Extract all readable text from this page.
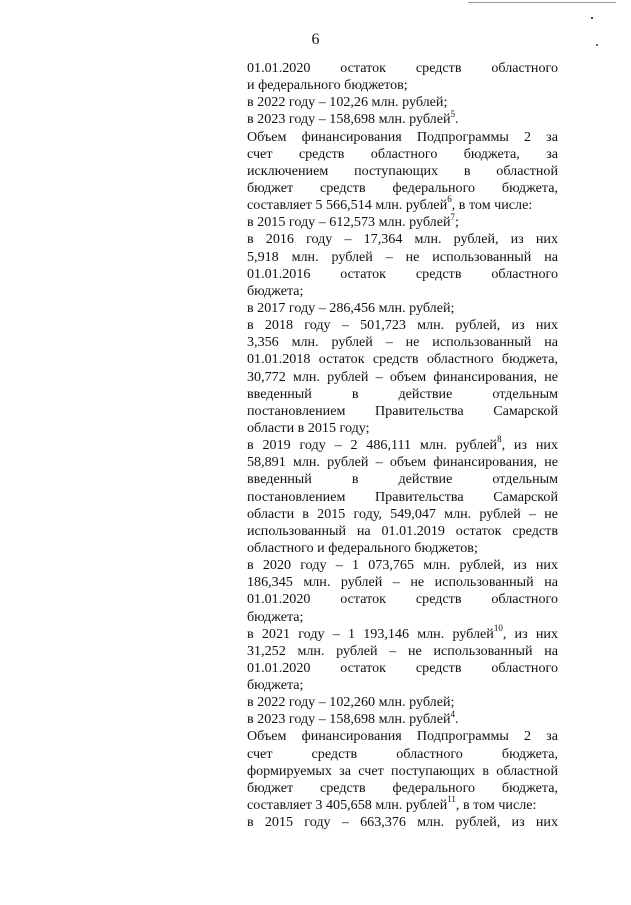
6
01.01.2020 остаток средств областного
и федерального бюджетов;
в 2022 году – 102,26 млн. рублей;
в 2023 году – 158,698 млн. рублей$^5$.
Объем финансирования Подпрограммы 2 за
счет средств областного бюджета, за
исключением поступающих в областной
бюджет средств федерального бюджета,
составляет 5 566,514 млн. рублей$^6$, в том числе:
в 2015 году – 612,573 млн. рублей$^7$;
в 2016 году – 17,364 млн. рублей, из них
5,918 млн. рублей – не использованный на
01.01.2016 остаток средств областного
бюджета;
в 2017 году – 286,456 млн. рублей;
в 2018 году – 501,723 млн. рублей, из них
3,356 млн. рублей – не использованный на
01.01.2018 остаток средств областного бюджета,
30,772 млн. рублей – объем финансирования, не
введенный в действие отдельным
постановлением Правительства Самарской
области в 2015 году;
в 2019 году – 2 486,111 млн. рублей$^8$, из них
58,891 млн. рублей – объем финансирования, не
введенный в действие отдельным
постановлением Правительства Самарской
области в 2015 году, 549,047 млн. рублей – не
использованный на 01.01.2019 остаток средств
областного и федерального бюджетов;
в 2020 году – 1 073,765 млн. рублей, из них
186,345 млн. рублей – не использованный на
01.01.2020 остаток средств областного
бюджета;
в 2021 году – 1 193,146 млн. рублей$^{10}$, из них
31,252 млн. рублей – не использованный на
01.01.2020 остаток средств областного
бюджета;
в 2022 году – 102,260 млн. рублей;
в 2023 году – 158,698 млн. рублей$^4$.
Объем финансирования Подпрограммы 2 за
счет средств областного бюджета,
формируемых за счет поступающих в областной
бюджет средств федерального бюджета,
составляет 3 405,658 млн. рублей$^{11}$, в том числе:
в 2015 году – 663,376 млн. рублей, из них
